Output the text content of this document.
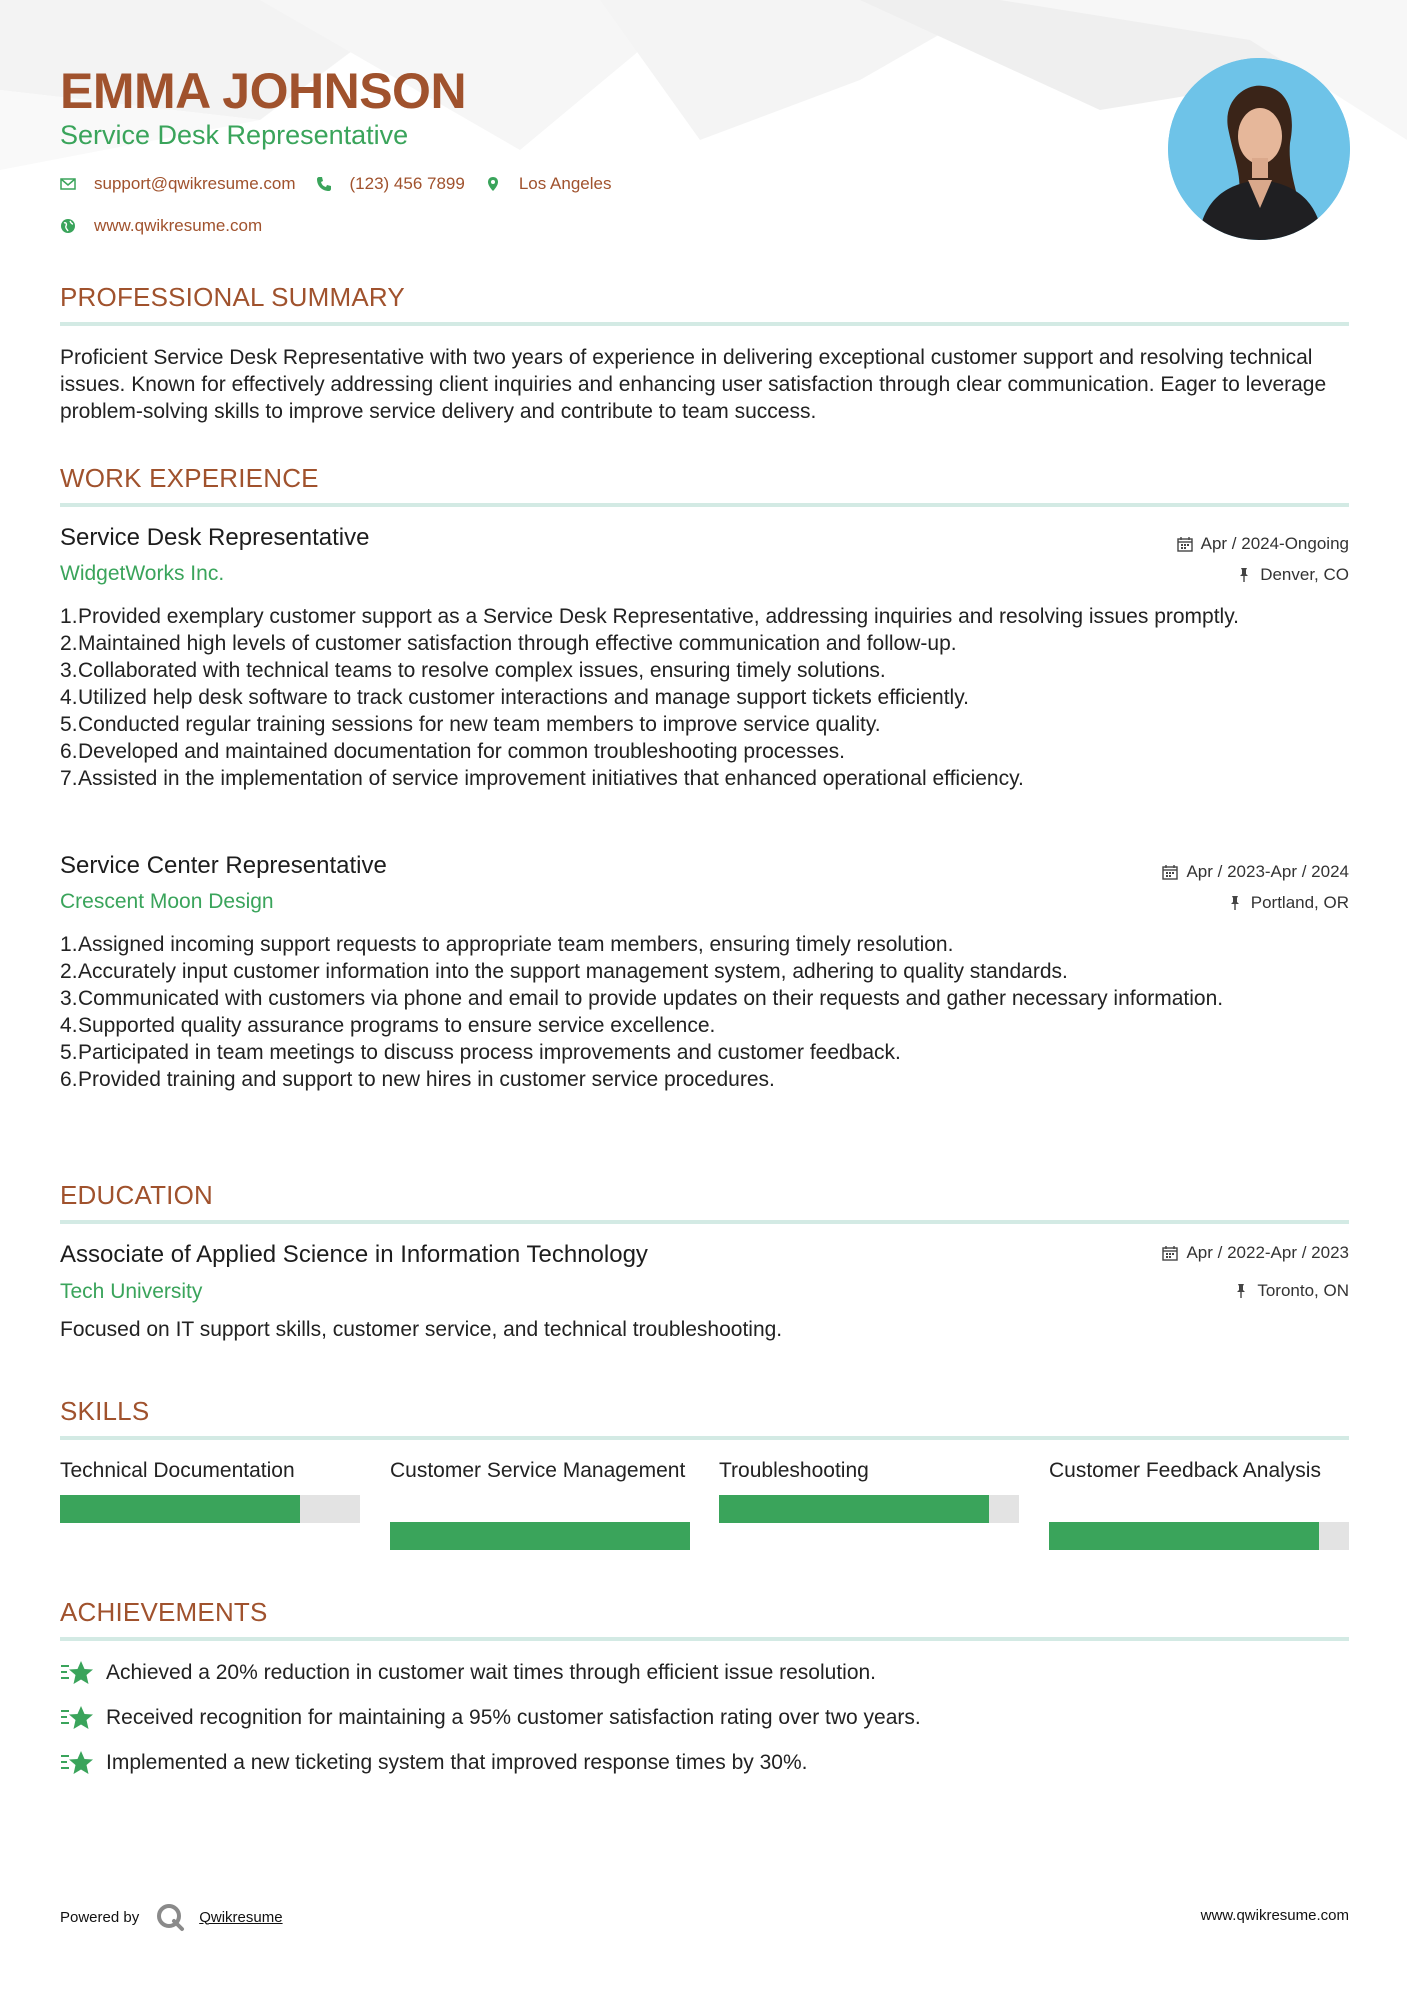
EMMA JOHNSON
Service Desk Representative
support@qwikresume.com	(123) 456 7899	Los Angeles
www.qwikresume.com
PROFESSIONAL SUMMARY
Proficient Service Desk Representative with two years of experience in delivering exceptional customer support and resolving technical issues. Known for effectively addressing client inquiries and enhancing user satisfaction through clear communication. Eager to leverage problem-solving skills to improve service delivery and contribute to team success.
WORK EXPERIENCE
Service Desk Representative
WidgetWorks Inc.
Apr / 2024-Ongoing
Denver, CO
Provided exemplary customer support as a Service Desk Representative, addressing inquiries and resolving issues promptly.
Maintained high levels of customer satisfaction through effective communication and follow-up.
Collaborated with technical teams to resolve complex issues, ensuring timely solutions.
Utilized help desk software to track customer interactions and manage support tickets efficiently.
Conducted regular training sessions for new team members to improve service quality.
Developed and maintained documentation for common troubleshooting processes.
Assisted in the implementation of service improvement initiatives that enhanced operational efficiency.
Service Center Representative
Crescent Moon Design
Apr / 2023-Apr / 2024
Portland, OR
Assigned incoming support requests to appropriate team members, ensuring timely resolution.
Accurately input customer information into the support management system, adhering to quality standards.
Communicated with customers via phone and email to provide updates on their requests and gather necessary information.
Supported quality assurance programs to ensure service excellence.
Participated in team meetings to discuss process improvements and customer feedback.
Provided training and support to new hires in customer service procedures.
EDUCATION
Associate of Applied Science in Information Technology
Tech University
Apr / 2022-Apr / 2023
Toronto, ON
Focused on IT support skills, customer service, and technical troubleshooting.
SKILLS
Technical Documentation	Customer Service Management Troubleshooting	Customer Feedback Analysis
ACHIEVEMENTS
Achieved a 20% reduction in customer wait times through efficient issue resolution.
Received recognition for maintaining a 95% customer satisfaction rating over two years.
Implemented a new ticketing system that improved response times by 30%.
Powered by	Qwikresume	www.qwikresume.com
